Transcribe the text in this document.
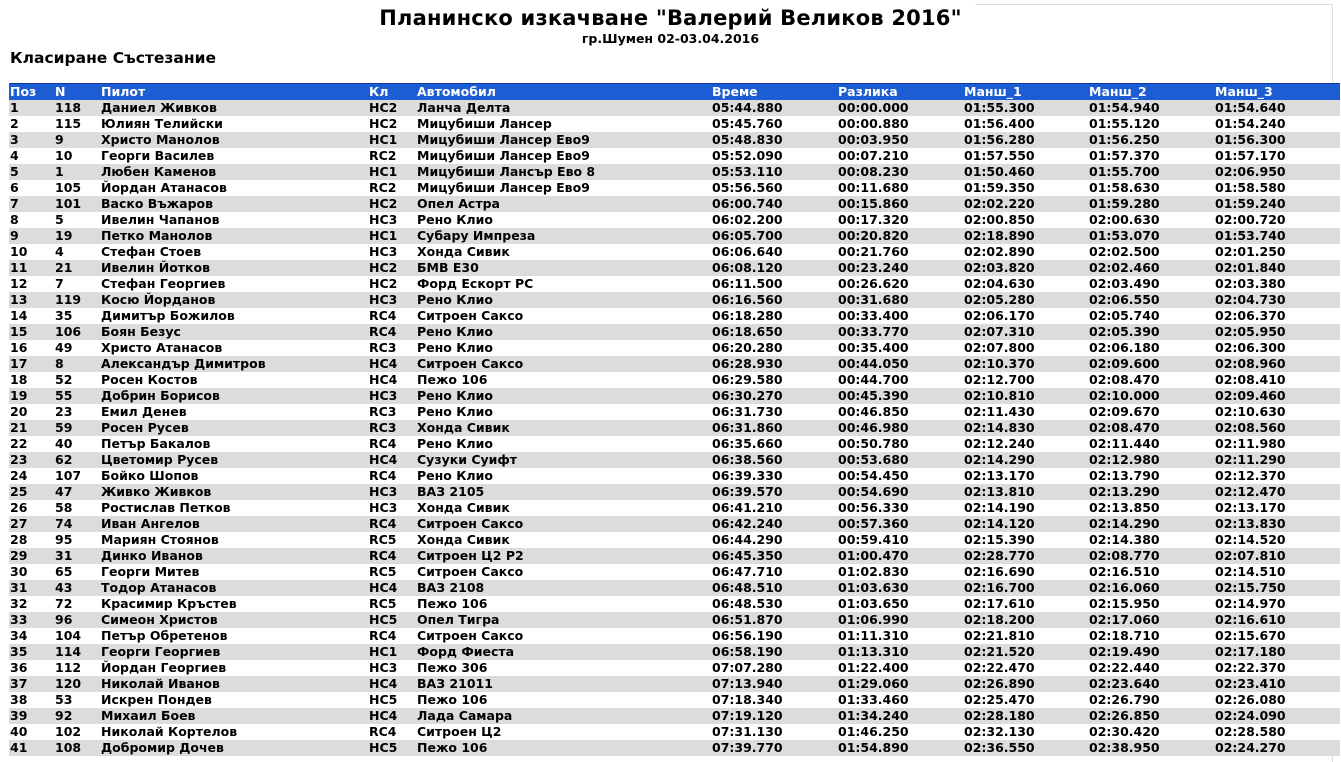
Планинско изкачване "Валерий Великов 2016"
гр.Шумен 02-03.04.2016
Класиране Състезание
Поз	N	Пилот	Кл	Автомобил	Време	Разлика	Манш_1	Манш_2	Манш_3
1	118	Даниел Живков	НС2	Ланча Делта	05:44.880	00:00.000	01:55.300	01:54.940	01:54.640
2	115	Юлиян Телийски	НС2	Мицубиши Лансер	05:45.760	00:00.880	01:56.400	01:55.120	01:54.240
3	9	Христо Манолов	НС1	Мицубиши Лансер Ево9	05:48.830	00:03.950	01:56.280	01:56.250	01:56.300
4	10	Георги Василев	RC2	Мицубиши Лансер Ево9	05:52.090	00:07.210	01:57.550	01:57.370	01:57.170
5	1	Любен Каменов	НС1	Мицубиши Лансър Ево 8	05:53.110	00:08.230	01:50.460	01:55.700	02:06.950
6	105	Йордан Атанасов	RC2	Мицубиши Лансер Ево9	05:56.560	00:11.680	01:59.350	01:58.630	01:58.580
7	101	Васко Въжаров	НС2	Опел Астра	06:00.740	00:15.860	02:02.220	01:59.280	01:59.240
8	5	Ивелин Чапанов	НС3	Рено Клио	06:02.200	00:17.320	02:00.850	02:00.630	02:00.720
9	19	Петко Манолов	НС1	Субару Импреза	06:05.700	00:20.820	02:18.890	01:53.070	01:53.740
10	4	Стефан Стоев	НС3	Хонда Сивик	06:06.640	00:21.760	02:02.890	02:02.500	02:01.250
11	21	Ивелин Йотков	НС2	БМВ Е30	06:08.120	00:23.240	02:03.820	02:02.460	02:01.840
12	7	Стефан Георгиев	НС2	Форд Ескорт РС	06:11.500	00:26.620	02:04.630	02:03.490	02:03.380
13	119	Косю Йорданов	НС3	Рено Клио	06:16.560	00:31.680	02:05.280	02:06.550	02:04.730
14	35	Димитър Божилов	RC4	Ситроен Саксо	06:18.280	00:33.400	02:06.170	02:05.740	02:06.370
15	106	Боян Безус	RC4	Рено Клио	06:18.650	00:33.770	02:07.310	02:05.390	02:05.950
16	49	Христо Атанасов	RC3	Рено Клио	06:20.280	00:35.400	02:07.800	02:06.180	02:06.300
17	8	Александър Димитров	НС4	Ситроен Саксо	06:28.930	00:44.050	02:10.370	02:09.600	02:08.960
18	52	Росен Костов	НС4	Пежо 106	06:29.580	00:44.700	02:12.700	02:08.470	02:08.410
19	55	Добрин Борисов	НС3	Рено Клио	06:30.270	00:45.390	02:10.810	02:10.000	02:09.460
20	23	Емил Денев	RC3	Рено Клио	06:31.730	00:46.850	02:11.430	02:09.670	02:10.630
21	59	Росен Русев	RC3	Хонда Сивик	06:31.860	00:46.980	02:14.830	02:08.470	02:08.560
22	40	Петър Бакалов	RC4	Рено Клио	06:35.660	00:50.780	02:12.240	02:11.440	02:11.980
23	62	Цветомир Русев	НС4	Сузуки Суифт	06:38.560	00:53.680	02:14.290	02:12.980	02:11.290
24	107	Бойко Шопов	RC4	Рено Клио	06:39.330	00:54.450	02:13.170	02:13.790	02:12.370
25	47	Живко Живков	НС3	ВАЗ 2105	06:39.570	00:54.690	02:13.810	02:13.290	02:12.470
26	58	Ростислав Петков	НС3	Хонда Сивик	06:41.210	00:56.330	02:14.190	02:13.850	02:13.170
27	74	Иван Ангелов	RC4	Ситроен Саксо	06:42.240	00:57.360	02:14.120	02:14.290	02:13.830
28	95	Мариян Стоянов	RC5	Хонда Сивик	06:44.290	00:59.410	02:15.390	02:14.380	02:14.520
29	31	Динко Иванов	RC4	Ситроен Ц2 Р2	06:45.350	01:00.470	02:28.770	02:08.770	02:07.810
30	65	Георги Митев	RC5	Ситроен Саксо	06:47.710	01:02.830	02:16.690	02:16.510	02:14.510
31	43	Тодор Атанасов	НС4	ВАЗ 2108	06:48.510	01:03.630	02:16.700	02:16.060	02:15.750
32	72	Красимир Кръстев	RC5	Пежо 106	06:48.530	01:03.650	02:17.610	02:15.950	02:14.970
33	96	Симеон Христов	НС5	Опел Тигра	06:51.870	01:06.990	02:18.200	02:17.060	02:16.610
34	104	Петър Обретенов	RC4	Ситроен Саксо	06:56.190	01:11.310	02:21.810	02:18.710	02:15.670
35	114	Георги Георгиев	НС1	Форд Фиеста	06:58.190	01:13.310	02:21.520	02:19.490	02:17.180
36	112	Йордан Георгиев	НС3	Пежо 306	07:07.280	01:22.400	02:22.470	02:22.440	02:22.370
37	120	Николай Иванов	НС4	ВАЗ 21011	07:13.940	01:29.060	02:26.890	02:23.640	02:23.410
38	53	Искрен Пондев	НС5	Пежо 106	07:18.340	01:33.460	02:25.470	02:26.790	02:26.080
39	92	Михаил Боев	НС4	Лада Самара	07:19.120	01:34.240	02:28.180	02:26.850	02:24.090
40	102	Николай Кортелов	RC4	Ситроен Ц2	07:31.130	01:46.250	02:32.130	02:30.420	02:28.580
41	108	Добромир Дочев	НС5	Пежо 106	07:39.770	01:54.890	02:36.550	02:38.950	02:24.270
